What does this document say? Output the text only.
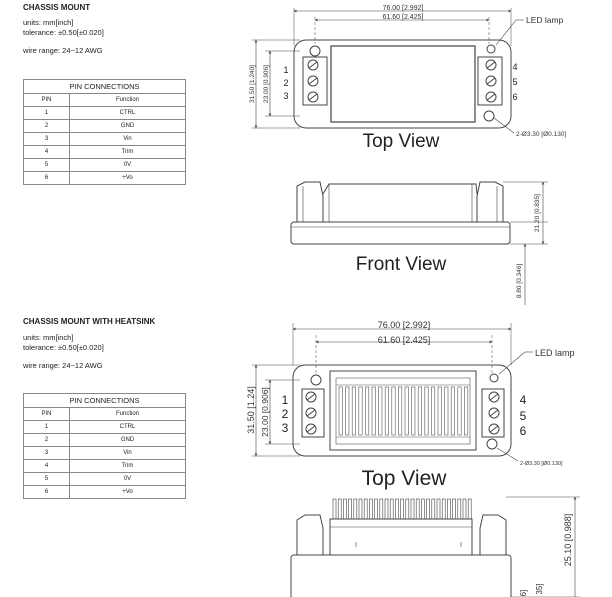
CHASSIS MOUNT
units: mm[inch]
tolerance: ±0.50[±0.020]
wire range: 24~12 AWG
PIN CONNECTIONS	
PIN	Function
1	CTRL
2	GND
3	Vin
4	Trim
5	0V
6	+Vo
CHASSIS MOUNT WITH HEATSINK
units: mm[inch]
tolerance: ±0.50[±0.020]
wire range: 24~12 AWG
PIN CONNECTIONS	
PIN	Function
1	CTRL
2	GND
3	Vin
4	Trim
5	0V
6	+Vo
76.00 [2.992]
61.60 [2.425]
31.50 [1.240] 23.00 [0.906]
LED lamp
2-Ø3.30 [Ø0.130]
1
2
3
4
5
6
Top View
21.20 [0.835]
8.80 [0.346]
Front View
76.00 [2.992]
61.60 [2.425]
31.50 [1.24] 23.00 [0.906]
LED lamp
2-Ø3.30 [Ø0.130]
1
2
3
4
5
6
Top View
25.10 [0.988]
6] 35]
